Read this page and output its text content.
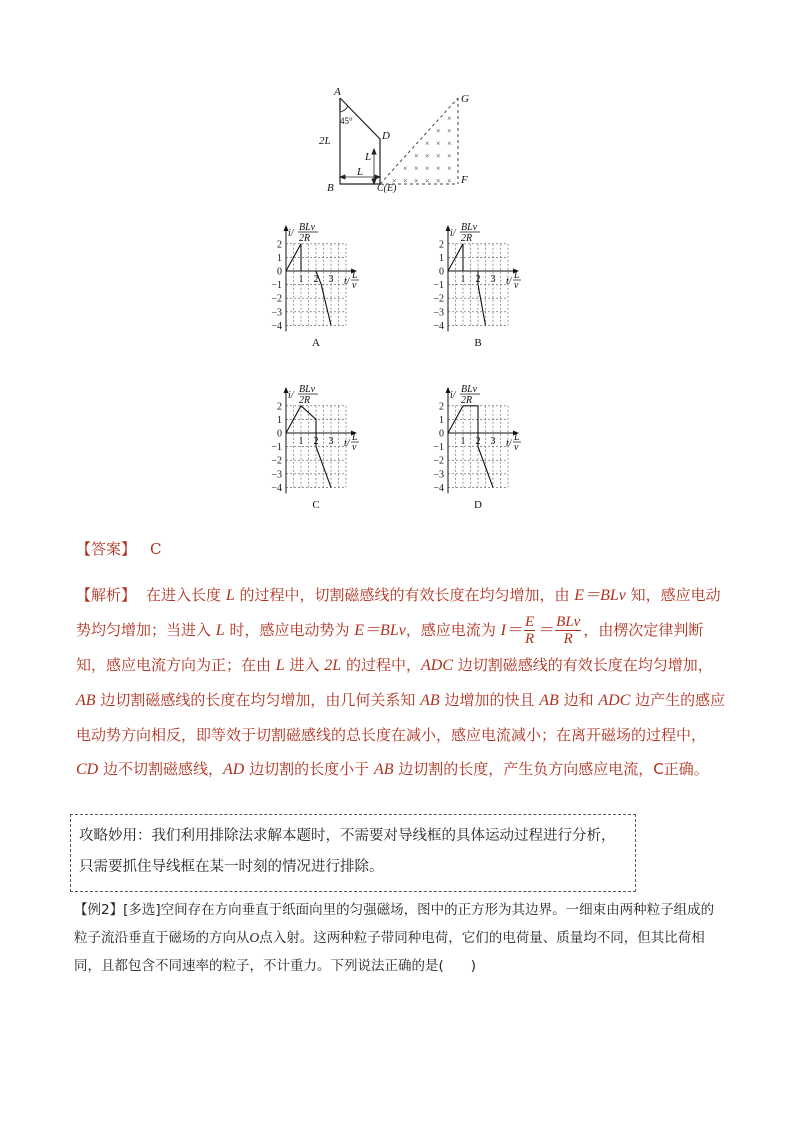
×
×
×
×
×
×
×
×
×
×
×
×
×
×
×
×
×
×
×
×
×
A
B	C(E)
D
G
F
2L
L
L
45°
2
1
0
−1
−2
−3
−4
1 2 3
i/
BLv
2R
t/
L
v
A
2
1
0
−1
−2
−3
−4
1 2 3
i/
BLv
2R
t/
L
v
B
2
1
0
−1
−2
−3
−4
1 2 3
i/
BLv
2R
t/
L
v
C
2
1
0
−1
−2
−3
−4
1 2 3
i/
BLv
2R
t/
L
v
D
【答案】 C
【解析】 在进入长度 L 的过程中，切割磁感线的有效长度在均匀增加，由 E＝BLv 知，感应电动势均匀增加；当进入 L 时，感应电动势为 E＝BLv，感应电流为 $I= \frac{E}{R} = \frac{\text{BLv}}{R}$ ，由楞次定律判断知，感应电流方向为正；在由 L 进入 2L 的过程中，ADC 边切割磁感线的有效长度在均匀增加，AB 边切割磁感线的长度在均匀增加，由几何关系知 AB 边增加的快且 AB 边和 ADC 边产生的感应电动势方向相反，即等效于切割磁感线的总长度在减小，感应电流减小；在离开磁场的过程中，CD 边不切割磁感线，AD 边切割的长度小于 AB 边切割的长度，产生负方向感应电流，C正确。
攻略妙用：我们利用排除法求解本题时，不需要对导线框的具体运动过程进行分析，只需要抓住导线框在某一时刻的情况进行排除。
【例2】[多选]空间存在方向垂直于纸面向里的匀强磁场，图中的正方形为其边界。一细束由两种粒子组成的粒子流沿垂直于磁场的方向从O点入射。这两种粒子带同种电荷，它们的电荷量、质量均不同，但其比荷相同，且都包含不同速率的粒子，不计重力。下列说法正确的是(　　)
